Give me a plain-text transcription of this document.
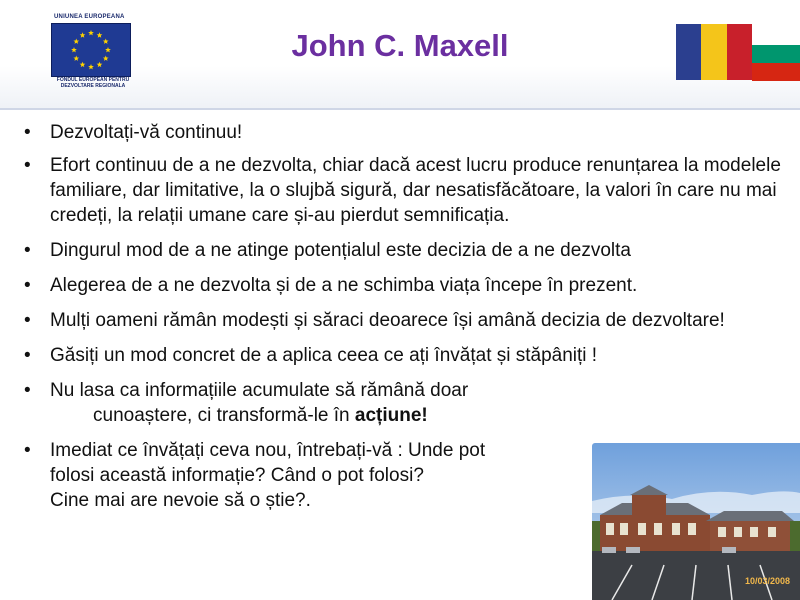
UNIUNEA EUROPEANA
FONDUL EUROPEAN PENTRU
DEZVOLTARE REGIONALA
John C. Maxell
• Dezvoltați-vă continuu!
• Efort continuu de a ne dezvolta, chiar dacă acest lucru produce renunțarea la modelele familiare, dar limitative, la o slujbă sigură, dar nesatisfăcătoare, la valori în care nu mai credeți, la relații umane care și-au pierdut semnificația.
• Dingurul mod de a ne atinge potențialul este decizia de a ne dezvolta
• Alegerea de a ne dezvolta și de a ne schimba viața începe în prezent.
• Mulți oameni rămân modești și săraci deoarece își amână decizia de dezvoltare!
• Găsiți un mod concret de a aplica ceea ce ați învățat și stăpâniți !
• Nu lasa ca informațiile acumulate să rămână doar
cunoaștere, ci transformă-le în acțiune!
• Imediat ce învățați ceva nou, întrebați-vă : Unde pot
folosi această informație? Când o pot folosi?
Cine mai are nevoie să o știe?.
10/03/2008
